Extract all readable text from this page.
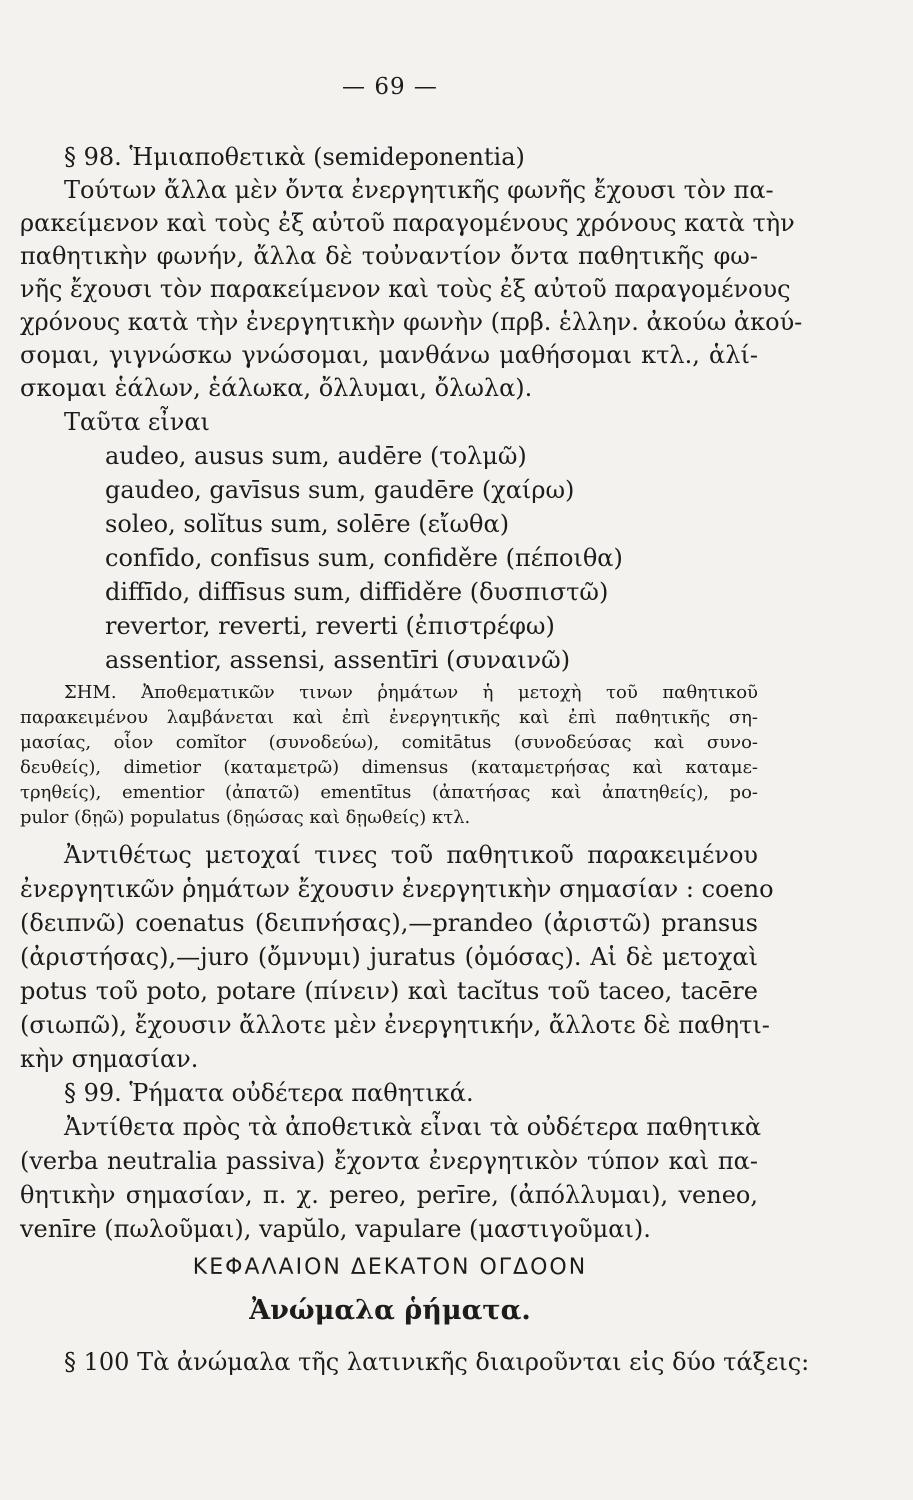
— 69 —
§ 98. Ἡμιαποθετικὰ (semideponentia)
Τούτων ἄλλα μὲν ὄντα ἐνεργητικῆς φωνῆς ἔχουσι τὸν πα-
ρακείμενον καὶ τοὺς ἐξ αὐτοῦ παραγομένους χρόνους κατὰ τὴν
παθητικὴν φωνήν, ἄλλα δὲ τοὐναντίον ὄντα παθητικῆς φω-
νῆς ἔχουσι τὸν παρακείμενον καὶ τοὺς ἐξ αὐτοῦ παραγομένους
χρόνους κατὰ τὴν ἐνεργητικὴν φωνὴν (πρβ. ἑλλην. ἀκούω ἀκού-
σομαι, γιγνώσκω γνώσομαι, μανθάνω μαθήσομαι κτλ., ἁλί-
σκομαι ἑάλων, ἑάλωκα, ὄλλυμαι, ὄλωλα).
Ταῦτα εἶναι
audeo, ausus sum, audēre (τολμῶ)
gaudeo, gavīsus sum, gaudēre (χαίρω)
soleo, solĭtus sum, solēre (εἴωθα)
confīdo, confīsus sum, confiděre (πέποιθα)
diffīdo, diffīsus sum, diffiděre (δυσπιστῶ)
revertor, reverti, reverti (ἐπιστρέφω)
assentior, assensi, assentīri (συναινῶ)
ΣΗΜ. Ἀποθεματικῶν τινων ῥημάτων ἡ μετοχὴ τοῦ παθητικοῦ
παρακειμένου λαμβάνεται καὶ ἐπὶ ἐνεργητικῆς καὶ ἐπὶ παθητικῆς ση-
μασίας, οἷον comĭtor (συνοδεύω), comitātus (συνοδεύσας καὶ συνο-
δευθείς), dimetior (καταμετρῶ) dimensus (καταμετρήσας καὶ καταμε-
τρηθείς), ementior (ἀπατῶ) ementītus (ἀπατήσας καὶ ἀπατηθείς), po-
pulor (δῃῶ) populatus (δῃώσας καὶ δῃωθείς) κτλ.
Ἀντιθέτως μετοχαί τινες τοῦ παθητικοῦ παρακειμένου
ἐνεργητικῶν ῥημάτων ἔχουσιν ἐνεργητικὴν σημασίαν : coeno
(δειπνῶ) coenatus (δειπνήσας),—prandeo (ἀριστῶ) pransus
(ἀριστήσας),—juro (ὄμνυμι) juratus (ὀμόσας). Αἱ δὲ μετοχαὶ
potus τοῦ poto, potare (πίνειν) καὶ tacĭtus τοῦ taceo, tacēre
(σιωπῶ), ἔχουσιν ἄλλοτε μὲν ἐνεργητικήν, ἄλλοτε δὲ παθητι-
κὴν σημασίαν.
§ 99. Ῥήματα οὐδέτερα παθητικά.
Ἀντίθετα πρὸς τὰ ἀποθετικὰ εἶναι τὰ οὐδέτερα παθητικὰ
(verba neutralia passiva) ἔχοντα ἐνεργητικὸν τύπον καὶ πα-
θητικὴν σημασίαν, π. χ. pereo, perīre, (ἀπόλλυμαι), veneo,
venīre (πωλοῦμαι), vapŭlo, vapulare (μαστιγοῦμαι).
ΚΕΦΑΛΑΙΟΝ ΔΕΚΑΤΟΝ ΟΓΔΟΟΝ
Ἀνώμαλα ῥήματα.
§ 100 Τὰ ἀνώμαλα τῆς λατινικῆς διαιροῦνται εἰς δύο τάξεις:
